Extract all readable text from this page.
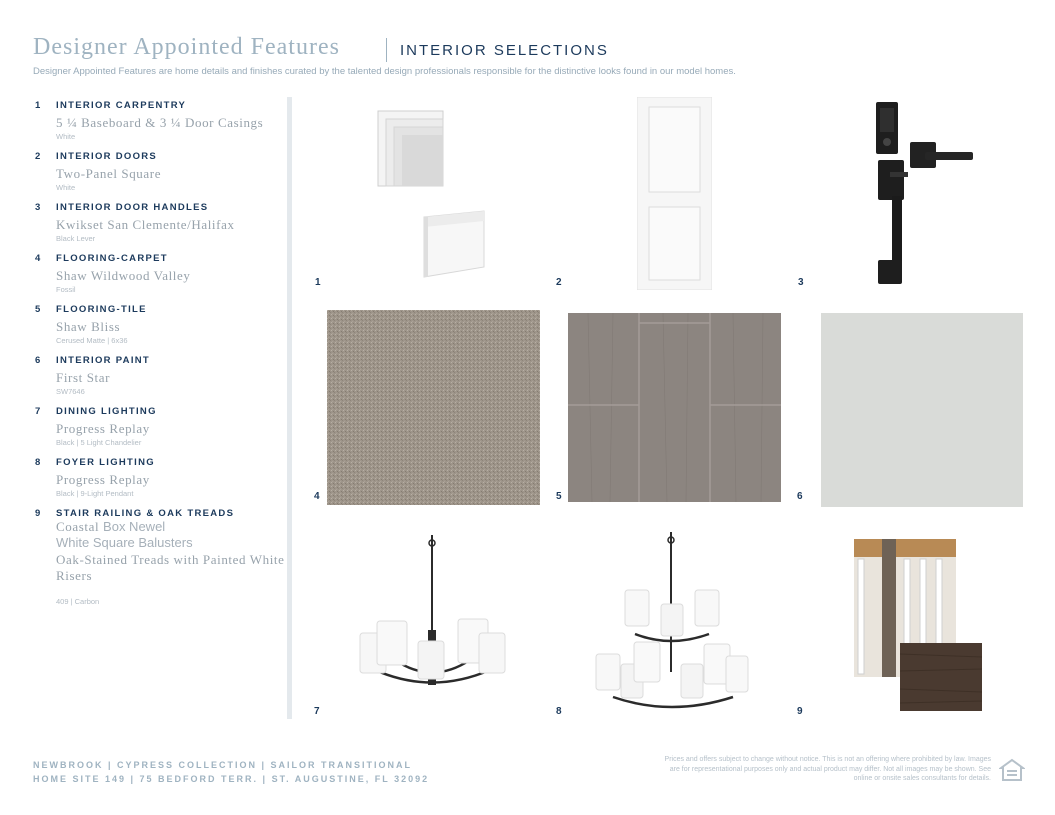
Designer Appointed Features	INTERIOR SELECTIONS
Designer Appointed Features are home details and finishes curated by the talented design professionals responsible for the distinctive looks found in our model homes.
1 INTERIOR CARPENTRY
5 ¼ Baseboard & 3 ¼ Door Casings
White
2 INTERIOR DOORS
Two-Panel Square
White
3 INTERIOR DOOR HANDLES
Kwikset San Clemente/Halifax
Black Lever
4 FLOORING-CARPET
Shaw Wildwood Valley
Fossil
5 FLOORING-TILE
Shaw Bliss
Cerused Matte | 6x36
6 INTERIOR PAINT
First Star
SW7646
7 DINING LIGHTING
Progress Replay
Black | 5 Light Chandelier
8 FOYER LIGHTING
Progress Replay
Black | 9-Light Pendant
9 STAIR RAILING & OAK TREADS
Coastal Box Newel
White Square Balusters
Oak-Stained Treads with Painted White Risers
409 | Carbon
1	2	3
4	5	6
7	8	9
NEWBROOK | CYPRESS COLLECTION | SAILOR TRANSITIONAL
HOME SITE 149 | 75 BEDFORD TERR. | ST. AUGUSTINE, FL 32092
Prices and offers subject to change without notice. This is not an offering where prohibited by law. Images are for representational purposes only and actual product may differ. Not all images may be shown. See online or onsite sales consultants for details.
